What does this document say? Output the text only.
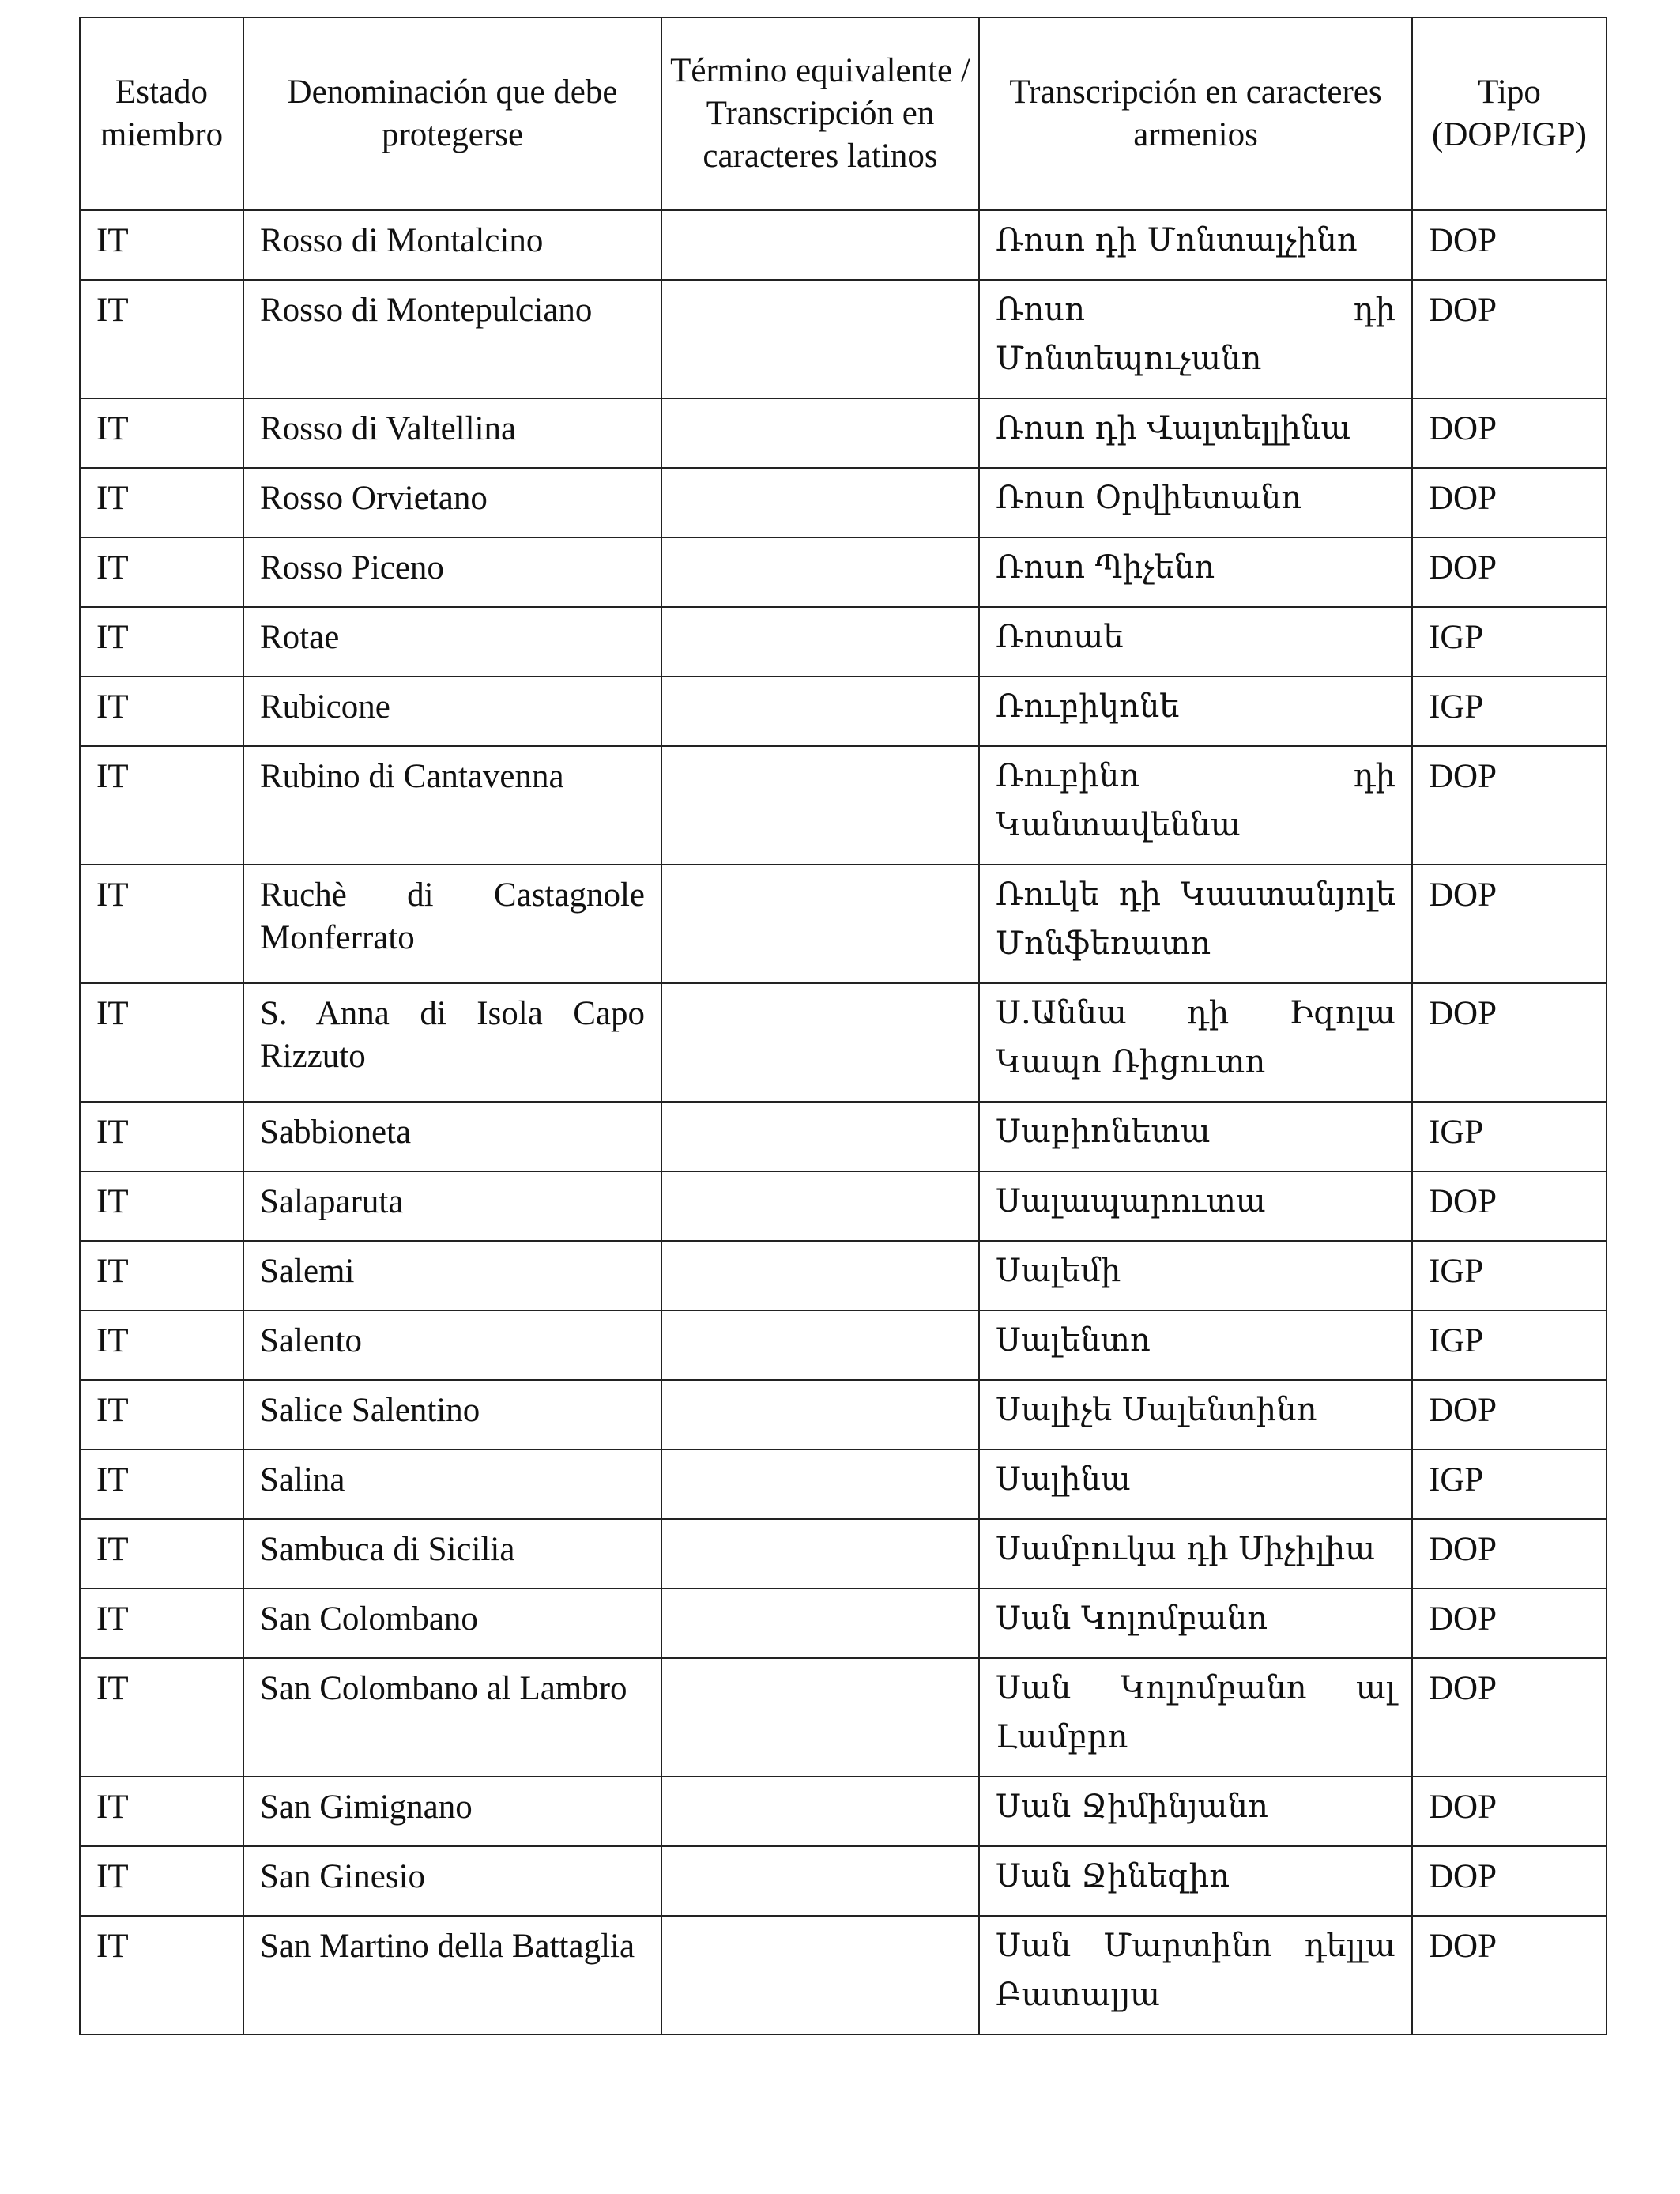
Estado miembro	Denominación que debe protegerse	Término equivalente / Transcripción en caracteres latinos	Transcripción en caracteres armenios	Tipo (DOP/IGP)
IT	Rosso di Montalcino		Ռոսո դի Մոնտալչինո	DOP
IT	Rosso di Montepulciano		Ռոսո դի Մոնտեպուչանո	DOP
IT	Rosso di Valtellina		Ռոսո դի Վալտելլինա	DOP
IT	Rosso Orvietano		Ռոսո Օրվիետանո	DOP
IT	Rosso Piceno		Ռոսո Պիչենո	DOP
IT	Rotae		Ռոտաե	IGP
IT	Rubicone		Ռուբիկոնե	IGP
IT	Rubino di Cantavenna		Ռուբինո դի Կանտավեննա	DOP
IT	Ruchè di Castagnole Monferrato		Ռուկե դի Կաստանյոլե Մոնֆեռատո	DOP
IT	S. Anna di Isola Capo Rizzuto		Ս.Աննա դի Իզոլա Կապո Ռիցուտո	DOP
IT	Sabbioneta		Սաբիոնետա	IGP
IT	Salaparuta		Սալապարուտա	DOP
IT	Salemi		Սալեմի	IGP
IT	Salento		Սալենտո	IGP
IT	Salice Salentino		Սալիչե Սալենտինո	DOP
IT	Salina		Սալինա	IGP
IT	Sambuca di Sicilia		Սամբուկա դի Սիչիլիա	DOP
IT	San Colombano		Սան Կոլոմբանո	DOP
IT	San Colombano al Lambro		Սան Կոլոմբանո ալ Լամբրո	DOP
IT	San Gimignano		Սան Ջիմինյանո	DOP
IT	San Ginesio		Սան Ջինեզիո	DOP
IT	San Martino della Battaglia		Սան Մարտինո դելլա Բատալյա	DOP
